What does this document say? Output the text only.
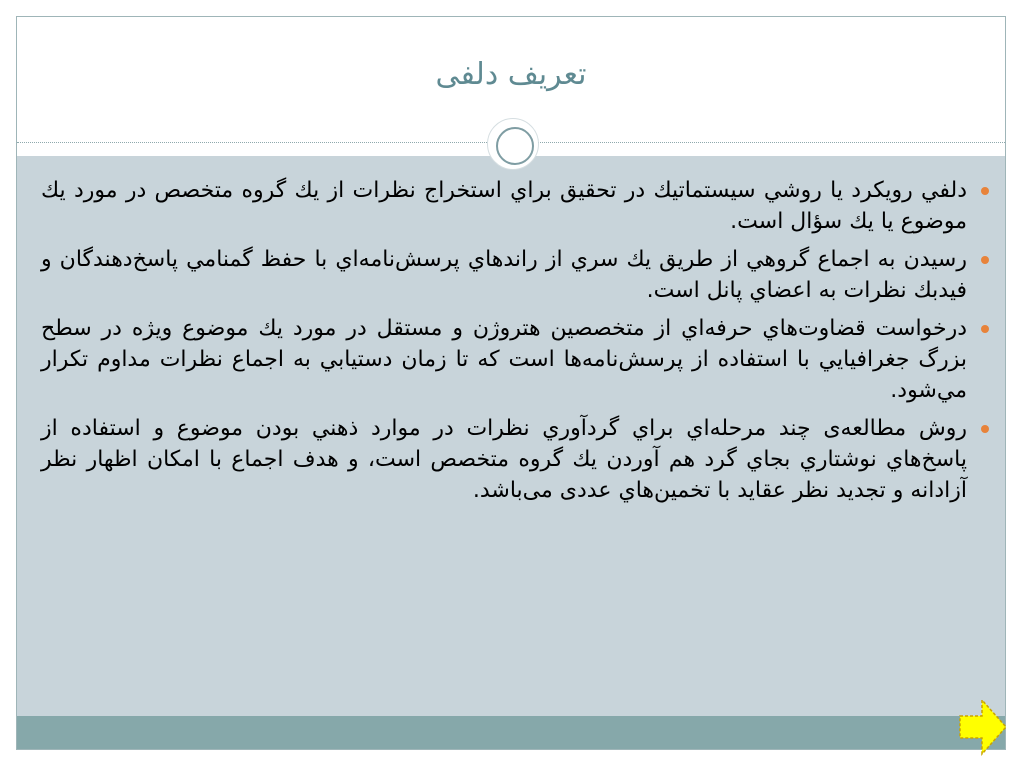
تعريف دلفی
دلفي رويكرد يا روشي سيستماتيك در تحقيق براي استخراج نظرات از يك گروه متخصص در مورد يك موضوع يا يك سؤال است.
رسيدن به اجماع گروهي از طريق يك سري از راندهاي پرسش‌نامه‌اي با حفظ گمنامي پاسخ‌دهندگان و فيدبك نظرات به اعضاي پانل است.
درخواست قضاوت‌هاي حرفه‌اي از متخصصين هتروژن و مستقل در مورد يك موضوع ويژه در سطح بزرگ جغرافيايي با استفاده از پرسش‌نامه‌ها است كه تا زمان دستيابي به اجماع نظرات مداوم تكرار مي‌شود.
روش مطالعه‌ی چند مرحله‌اي براي گردآوري نظرات در موارد ذهني بودن موضوع و استفاده از پاسخ‌هاي نوشتاري بجاي گرد هم آوردن يك گروه متخصص است، و هدف اجماع با امكان اظهار نظر آزادانه و تجديد نظر عقايد با تخمين‌هاي عددی می‌باشد.
